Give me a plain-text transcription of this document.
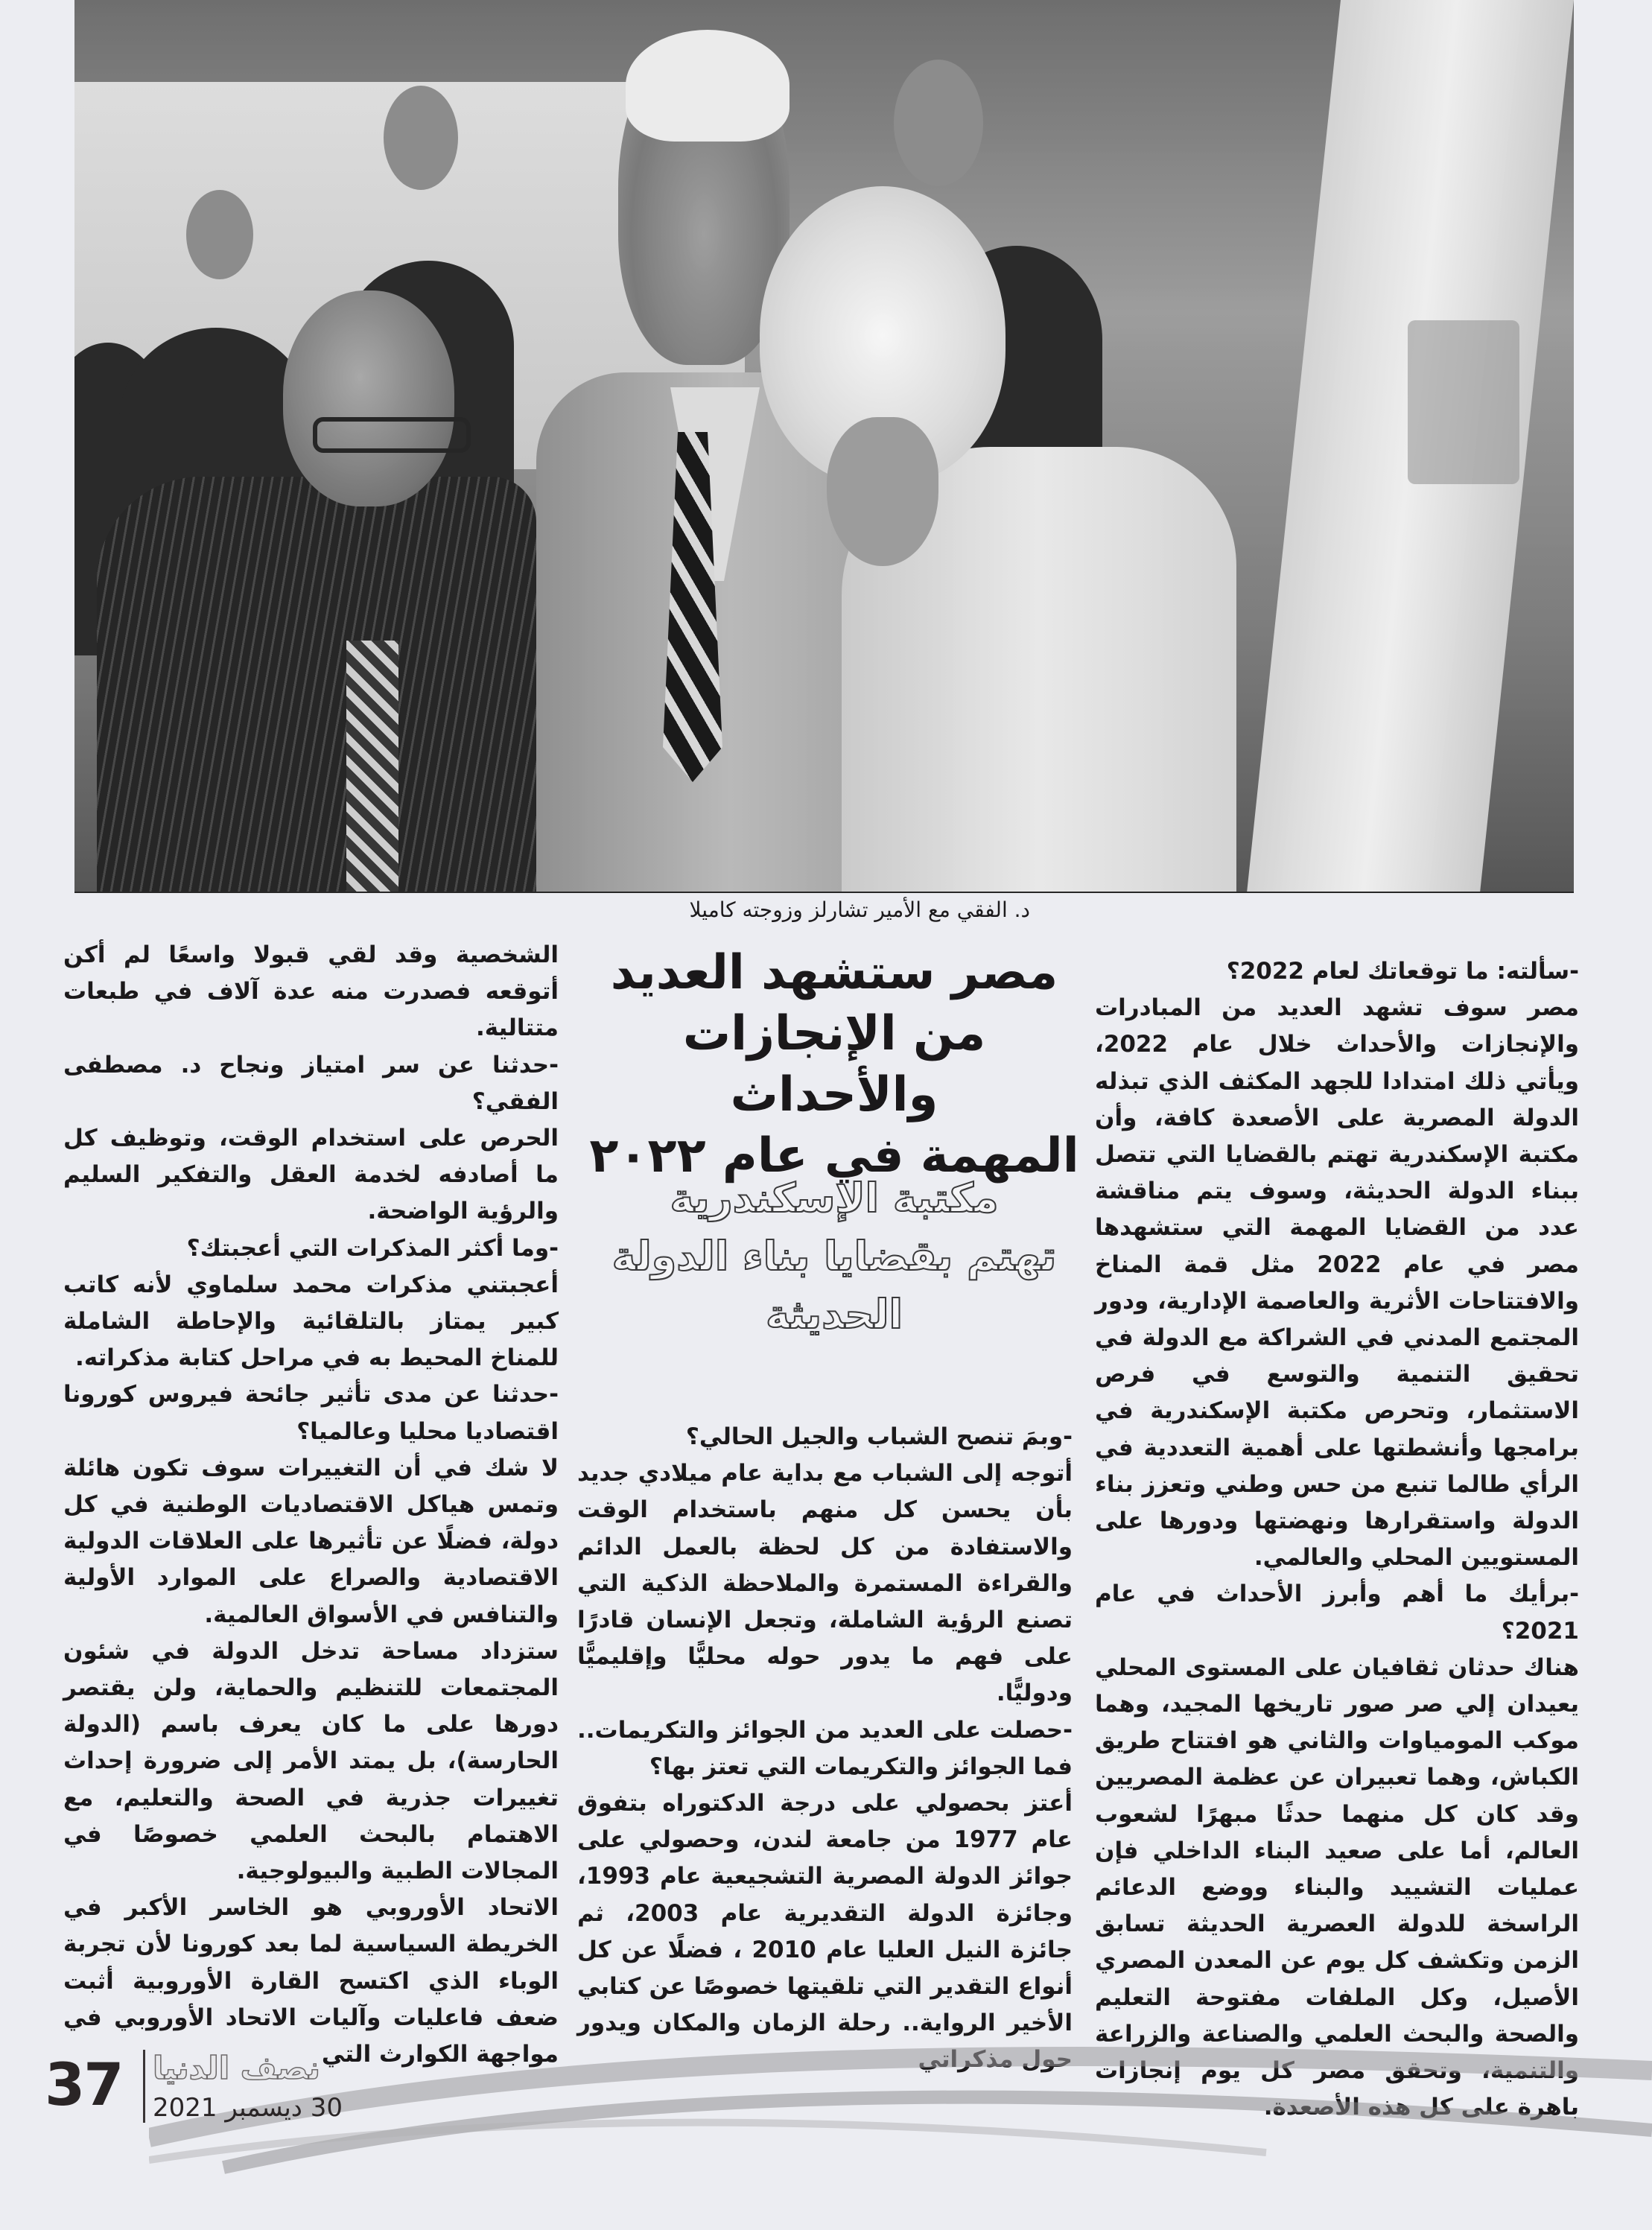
د. الفقي مع الأمير تشارلز وزوجته كاميلا
مصر ستشهد العديد
من الإنجازات والأحداث
المهمة في عام ٢٠٢٢
مكتبة الإسكندرية
تهتم بقضايا بناء الدولة
الحديثة

-سألته: ما توقعاتك لعام 2022؟

مصر سوف تشهد العديد من المبادرات والإنجازات والأحداث خلال عام 2022، ويأتي ذلك امتدادا للجهد المكثف الذي تبذله الدولة المصرية على الأصعدة كافة، وأن مكتبة الإسكندرية تهتم بالقضايا التي تتصل ببناء الدولة الحديثة، وسوف يتم مناقشة عدد من القضايا المهمة التي ستشهدها مصر في عام 2022 مثل قمة المناخ والافتتاحات الأثرية والعاصمة الإدارية، ودور المجتمع المدني في الشراكة مع الدولة في تحقيق التنمية والتوسع في فرص الاستثمار، وتحرص مكتبة الإسكندرية في برامجها وأنشطتها على أهمية التعددية في الرأي طالما تنبع من حس وطني وتعزز بناء الدولة واستقرارها ونهضتها ودورها على المستويين المحلي والعالمي.

-برأيك ما أهم وأبرز الأحداث في عام 2021؟

هناك حدثان ثقافيان على المستوى المحلي يعيدان إلي صر صور تاريخها المجيد، وهما موكب المومياوات والثاني هو افتتاح طريق الكباش، وهما تعبيران عن عظمة المصريين وقد كان كل منهما حدثًا مبهرًا لشعوب العالم، أما على صعيد البناء الداخلي فإن عمليات التشييد والبناء ووضع الدعائم الراسخة للدولة العصرية الحديثة تسابق الزمن وتكشف كل يوم عن المعدن المصري الأصيل، وكل الملفات مفتوحة التعليم والصحة والبحث العلمي والصناعة والزراعة والتنمية، وتحقق مصر كل يوم إنجازات باهرة على كل هذه الأصعدة.

-وبمَ تنصح الشباب والجيل الحالي؟

أتوجه إلى الشباب مع بداية عام ميلادي جديد بأن يحسن كل منهم باستخدام الوقت والاستفادة من كل لحظة بالعمل الدائم والقراءة المستمرة والملاحظة الذكية التي تصنع الرؤية الشاملة، وتجعل الإنسان قادرًا على فهم ما يدور حوله محليًّا وإقليميًّا ودوليًّا.

-حصلت على العديد من الجوائز والتكريمات.. فما الجوائز والتكريمات التي تعتز بها؟

أعتز بحصولي على درجة الدكتوراه بتفوق عام 1977 من جامعة لندن، وحصولي على جوائز الدولة المصرية التشجيعية عام 1993، وجائزة الدولة التقديرية عام 2003، ثم جائزة النيل العليا عام 2010 ، فضلًا عن كل أنواع التقدير التي تلقيتها خصوصًا عن كتابي الأخير الرواية.. رحلة الزمان والمكان ويدور حول مذكراتي

الشخصية وقد لقي قبولا واسعًا لم أكن أتوقعه فصدرت منه عدة آلاف في طبعات متتالية.

-حدثنا عن سر امتياز ونجاح د. مصطفى الفقي؟

الحرص على استخدام الوقت، وتوظيف كل ما أصادفه لخدمة العقل والتفكير السليم والرؤية الواضحة.

-وما أكثر المذكرات التي أعجبتك؟

أعجبتني مذكرات محمد سلماوي لأنه كاتب كبير يمتاز بالتلقائية والإحاطة الشاملة للمناخ المحيط به في مراحل كتابة مذكراته.

-حدثنا عن مدى تأثير جائحة فيروس كورونا اقتصاديا محليا وعالميا؟

لا شك في أن التغييرات سوف تكون هائلة وتمس هياكل الاقتصاديات الوطنية في كل دولة، فضلًا عن تأثيرها على العلاقات الدولية الاقتصادية والصراع على الموارد الأولية والتنافس في الأسواق العالمية.

ستزداد مساحة تدخل الدولة في شئون المجتمعات للتنظيم والحماية، ولن يقتصر دورها على ما كان يعرف باسم (الدولة الحارسة)، بل يمتد الأمر إلى ضرورة إحداث تغييرات جذرية في الصحة والتعليم، مع الاهتمام بالبحث العلمي خصوصًا في المجالات الطبية والبيولوجية.

الاتحاد الأوروبي هو الخاسر الأكبر في الخريطة السياسية لما بعد كورونا لأن تجربة الوباء الذي اكتسح القارة الأوروبية أثبت ضعف فاعليات وآليات الاتحاد الأوروبي في مواجهة الكوارث التي

37 نصف الدنيا
30 ديسمبر 2021
